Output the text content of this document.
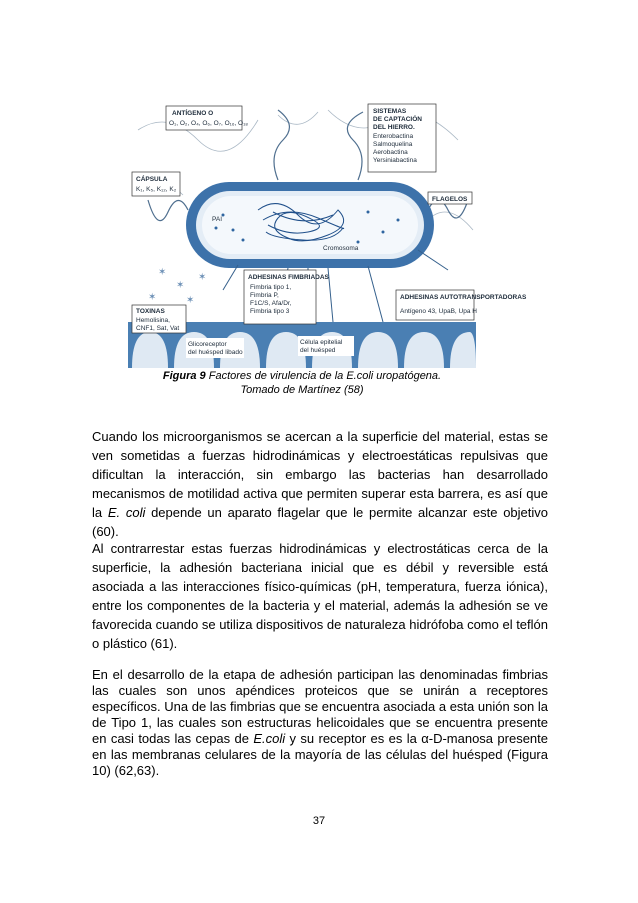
✶
✶
✶	✶
✶
ANTÍGENO O
O₁, O₂, O₄, O₆, O₇, O₁₆, O₁₈
SISTEMAS
DE CAPTACIÓN
DEL HIERRO.
Enterobactina
Salmoquelina
Aerobactina
Yersiniabactina
CÁPSULA
K₁, K₅, K₁₂, K₂
FLAGELOS
PAI
Cromosoma
ADHESINAS FIMBRIADAS
Fimbria tipo 1,
Fimbria P,
F1C/S, Afa/Dr,
Fimbria tipo 3
TOXINAS
Hemolisina,
CNF1, Sat, Vat
ADHESINAS AUTOTRANSPORTADORAS
Antígeno 43, UpaB, Upa H
Glicoreceptor
del huésped libado
Célula epitelial
del huésped
Figura 9 Factores de virulencia de la E.coli uropatógena.
Tomado de Martínez (58)
Cuando los microorganismos se acercan a la superficie del material, estas se ven sometidas a fuerzas hidrodinámicas y electroestáticas repulsivas que dificultan la interacción, sin embargo las bacterias han desarrollado mecanismos de motilidad activa que permiten superar esta barrera, es así que la E. coli depende un aparato flagelar que le permite alcanzar este objetivo (60).
Al contrarrestar estas fuerzas hidrodinámicas y electrostáticas cerca de la superficie, la adhesión bacteriana inicial que es débil y reversible está asociada a las interacciones físico-químicas (pH, temperatura, fuerza iónica), entre los componentes de la bacteria y el material, además la adhesión se ve favorecida cuando se utiliza dispositivos de naturaleza hidrófoba como el teflón o plástico (61).
En el desarrollo de la etapa de adhesión participan las denominadas fimbrias las cuales son unos apéndices proteicos que se unirán a receptores específicos. Una de las fimbrias que se encuentra asociada a esta unión son la de Tipo 1, las cuales son estructuras helicoidales que se encuentra presente en casi todas las cepas de E.coli y su receptor es es la α-D-manosa presente en las membranas celulares de la mayoría de las células del huésped (Figura 10) (62,63).
37
